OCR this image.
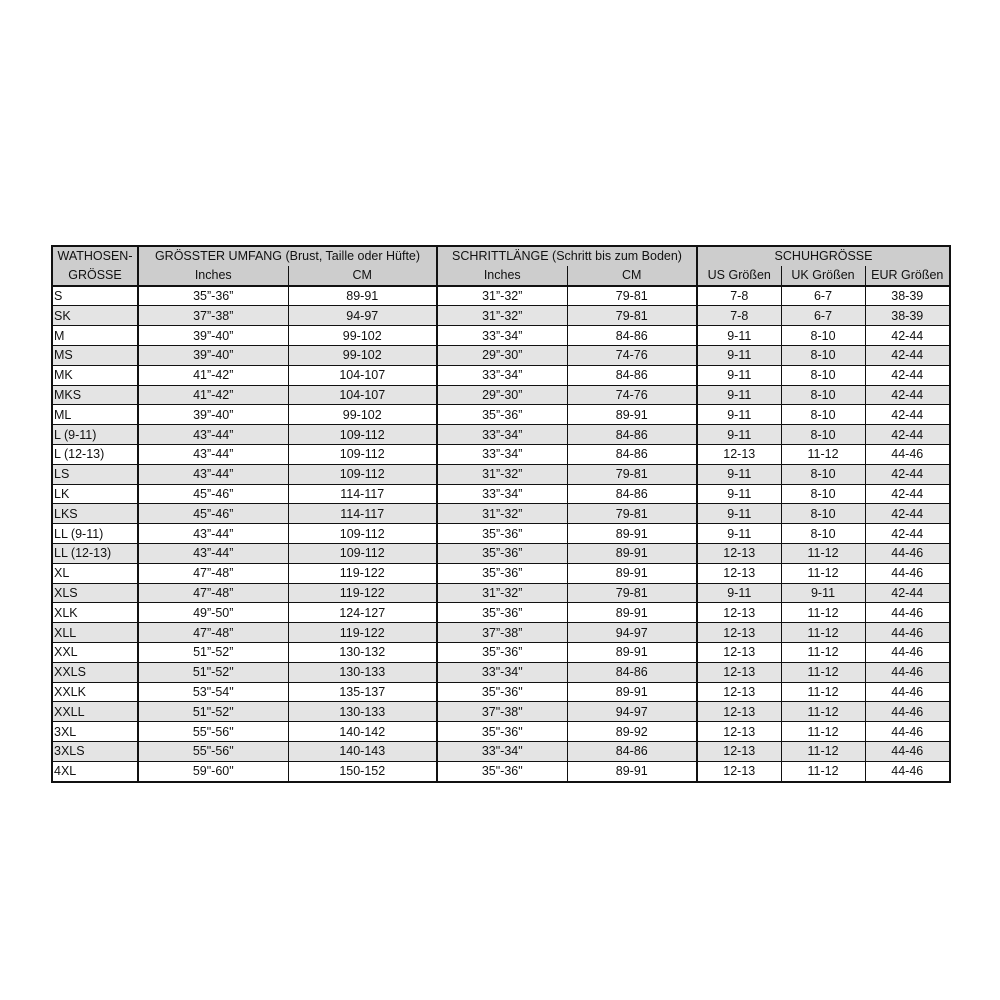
WATHOSEN-	GRÖSSTER UMFANG (Brust, Taille oder Hüfte)		SCHRITTLÄNGE (Schritt bis zum Boden)		SCHUHGRÖSSE		
GRÖSSE	Inches	CM	Inches	CM	US Größen	UK Größen	EUR Größen
S	35”-36”	89-91	31”-32”	79-81	7-8	6-7	38-39
SK	37”-38”	94-97	31”-32”	79-81	7-8	6-7	38-39
M	39”-40”	99-102	33”-34”	84-86	9-11	8-10	42-44
MS	39”-40”	99-102	29”-30”	74-76	9-11	8-10	42-44
MK	41”-42”	104-107	33”-34”	84-86	9-11	8-10	42-44
MKS	41”-42”	104-107	29”-30”	74-76	9-11	8-10	42-44
ML	39”-40”	99-102	35”-36”	89-91	9-11	8-10	42-44
L (9-11)	43”-44”	109-112	33”-34”	84-86	9-11	8-10	42-44
L (12-13)	43”-44”	109-112	33”-34”	84-86	12-13	11-12	44-46
LS	43”-44”	109-112	31”-32”	79-81	9-11	8-10	42-44
LK	45”-46”	114-117	33”-34”	84-86	9-11	8-10	42-44
LKS	45”-46”	114-117	31”-32”	79-81	9-11	8-10	42-44
LL (9-11)	43”-44”	109-112	35”-36”	89-91	9-11	8-10	42-44
LL (12-13)	43”-44”	109-112	35”-36”	89-91	12-13	11-12	44-46
XL	47”-48”	119-122	35”-36”	89-91	12-13	11-12	44-46
XLS	47”-48”	119-122	31”-32”	79-81	9-11	9-11	42-44
XLK	49”-50”	124-127	35”-36”	89-91	12-13	11-12	44-46
XLL	47”-48”	119-122	37”-38”	94-97	12-13	11-12	44-46
XXL	51”-52”	130-132	35”-36”	89-91	12-13	11-12	44-46
XXLS	51"-52"	130-133	33"-34"	84-86	12-13	11-12	44-46
XXLK	53"-54"	135-137	35"-36"	89-91	12-13	11-12	44-46
XXLL	51"-52"	130-133	37"-38"	94-97	12-13	11-12	44-46
3XL	55"-56"	140-142	35"-36"	89-92	12-13	11-12	44-46
3XLS	55"-56"	140-143	33"-34"	84-86	12-13	11-12	44-46
4XL	59"-60"	150-152	35"-36"	89-91	12-13	11-12	44-46
